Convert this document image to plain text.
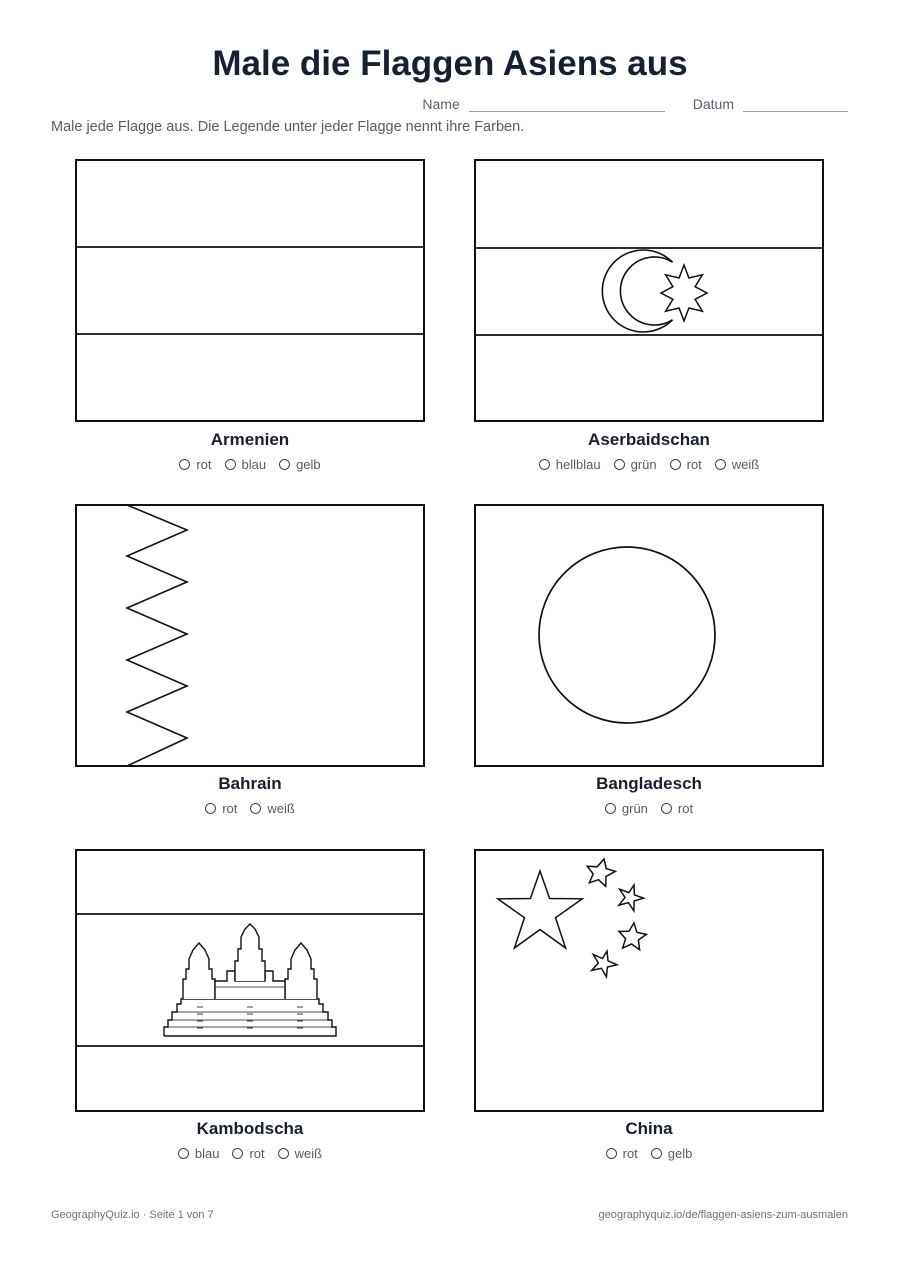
Male die Flaggen Asiens aus
Name	Datum
Male jede Flagge aus. Die Legende unter jeder Flagge nennt ihre Farben.
Armenien
rot blau gelb
Aserbaidschan
hellblau grün rot weiß
Bahrain
rot weiß
Bangladesch
grün rot
Kambodscha
blau rot weiß
China
rot gelb
GeographyQuiz.io · Seite 1 von 7	geographyquiz.io/de/flaggen-asiens-zum-ausmalen
